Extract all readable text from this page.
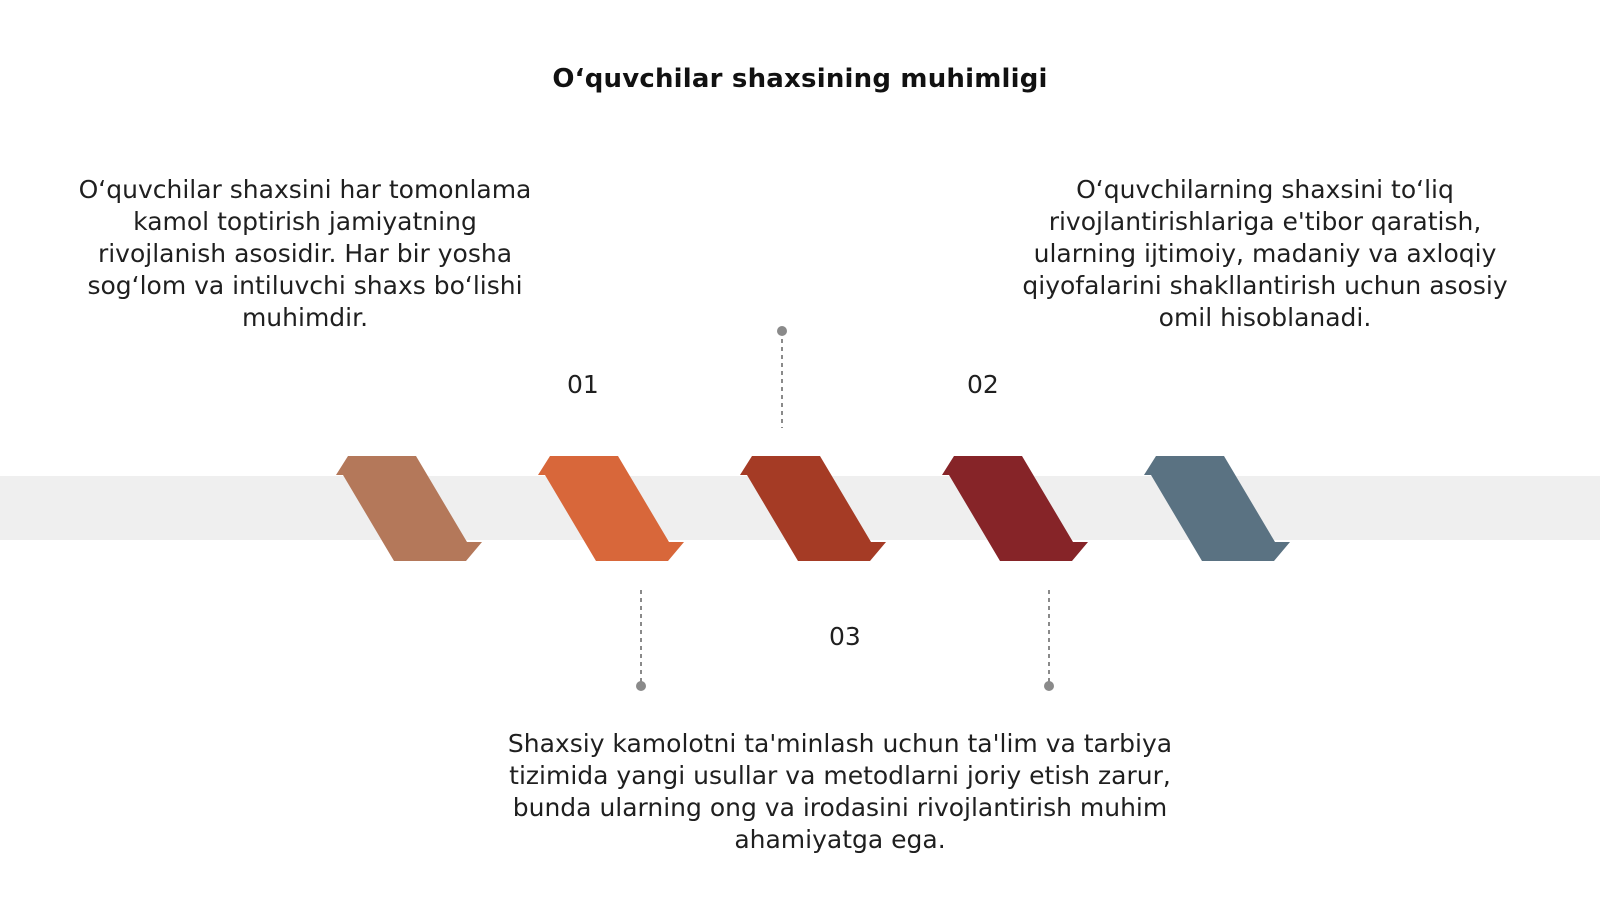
O‘quvchilar shaxsining muhimligi
O‘quvchilar shaxsini har tomonlama kamol toptirish jamiyatning rivojlanish asosidir. Har bir yosha sog‘lom va intiluvchi shaxs bo‘lishi muhimdir.
O‘quvchilarning shaxsini to‘liq rivojlantirishlariga e'tibor qaratish, ularning ijtimoiy, madaniy va axloqiy qiyofalarini shakllantirish uchun asosiy omil hisoblanadi.
Shaxsiy kamolotni ta'minlash uchun ta'lim va tarbiya tizimida yangi usullar va metodlarni joriy etish zarur, bunda ularning ong va irodasini rivojlantirish muhim ahamiyatga ega.
01	02
03
